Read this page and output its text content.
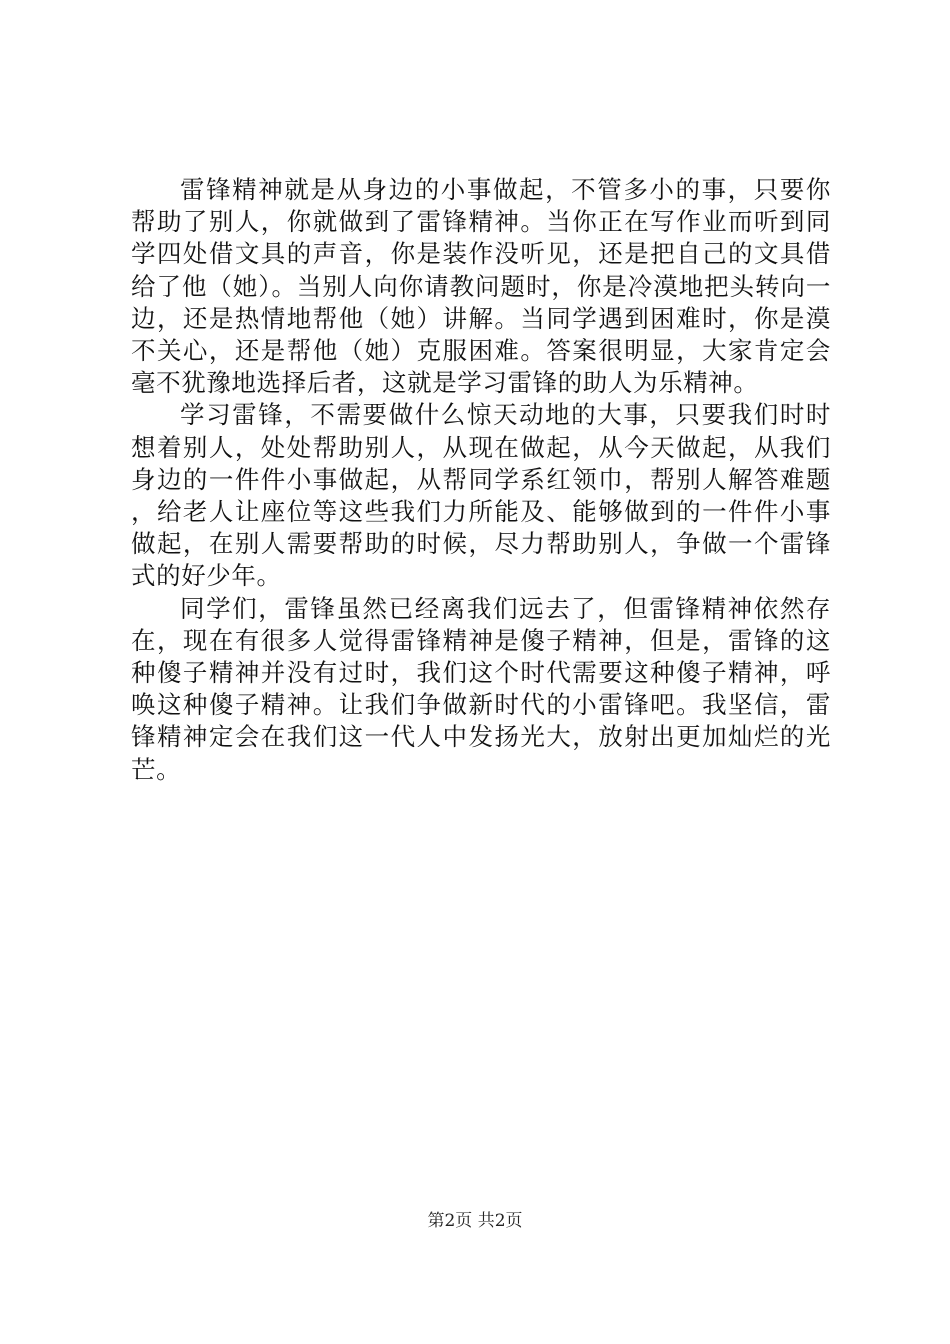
雷锋精神就是从身边的小事做起，不管多小的事，只要你帮助了别人，你就做到了雷锋精神。当你正在写作业而听到同学四处借文具的声音，你是装作没听见，还是把自己的文具借给了他（她）。当别人向你请教问题时，你是冷漠地把头转向一边，还是热情地帮他（她）讲解。当同学遇到困难时，你是漠不关心，还是帮他（她）克服困难。答案很明显，大家肯定会毫不犹豫地选择后者，这就是学习雷锋的助人为乐精神。

学习雷锋，不需要做什么惊天动地的大事，只要我们时时想着别人，处处帮助别人，从现在做起，从今天做起，从我们身边的一件件小事做起，从帮同学系红领巾，帮别人解答难题，给老人让座位等这些我们力所能及、能够做到的一件件小事做起，在别人需要帮助的时候，尽力帮助别人，争做一个雷锋式的好少年。

同学们，雷锋虽然已经离我们远去了，但雷锋精神依然存在，现在有很多人觉得雷锋精神是傻子精神，但是，雷锋的这种傻子精神并没有过时，我们这个时代需要这种傻子精神，呼唤这种傻子精神。让我们争做新时代的小雷锋吧。我坚信，雷锋精神定会在我们这一代人中发扬光大，放射出更加灿烂的光芒。

第2页 共2页
